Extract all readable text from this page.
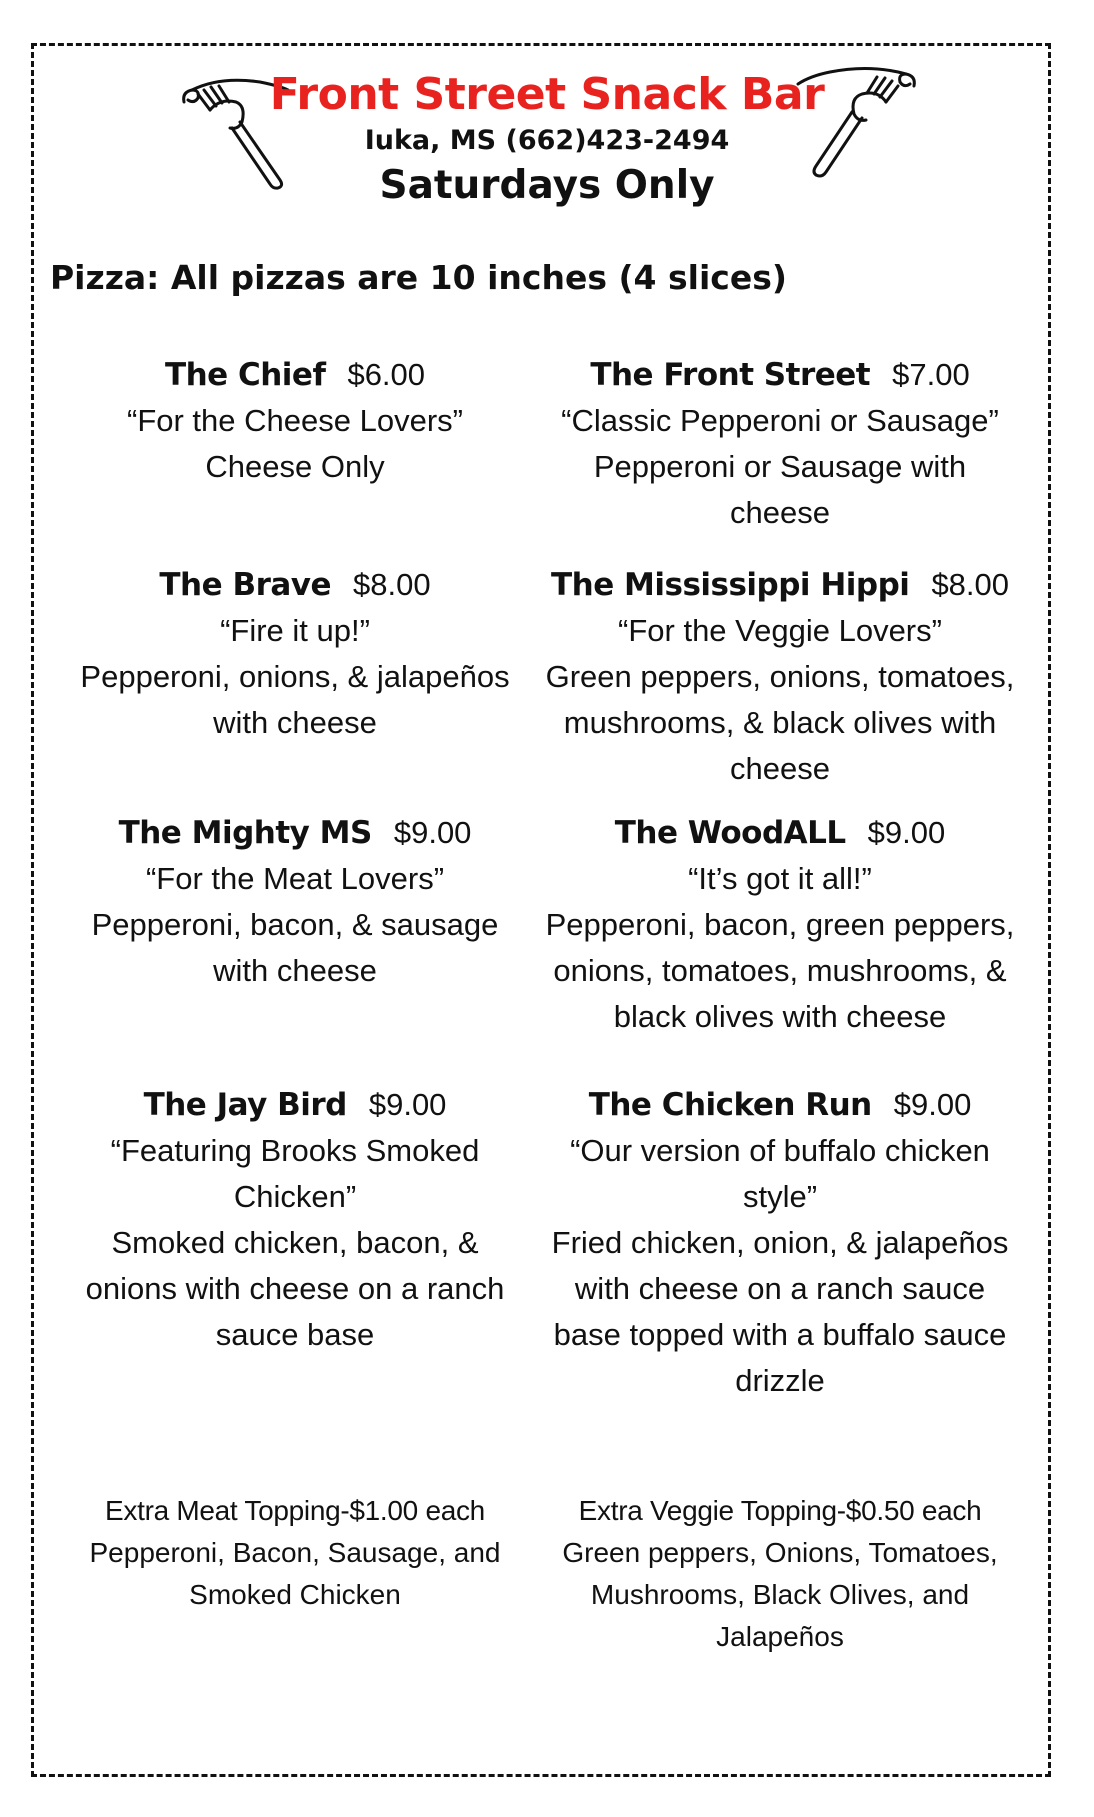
Front Street Snack Bar
Iuka, MS (662)423-2494
Saturdays Only
Pizza: All pizzas are 10 inches (4 slices)
The Chief $6.00
“For the Cheese Lovers”
Cheese Only
The Front Street $7.00
“Classic Pepperoni or Sausage”
Pepperoni or Sausage with cheese
The Brave $8.00
“Fire it up!”
Pepperoni, onions, & jalapeños with cheese
The Mississippi Hippi $8.00
“For the Veggie Lovers”
Green peppers, onions, tomatoes, mushrooms, & black olives with cheese
The Mighty MS $9.00
“For the Meat Lovers”
Pepperoni, bacon, & sausage with cheese
The WoodALL $9.00
“It’s got it all!”
Pepperoni, bacon, green peppers, onions, tomatoes, mushrooms, & black olives with cheese
The Jay Bird $9.00
“Featuring Brooks Smoked Chicken”
Smoked chicken, bacon, & onions with cheese on a ranch sauce base
The Chicken Run $9.00
“Our version of buffalo chicken style”
Fried chicken, onion, & jalapeños with cheese on a ranch sauce base topped with a buffalo sauce drizzle
Extra Meat Topping-$1.00 each
Pepperoni, Bacon, Sausage, and Smoked Chicken
Extra Veggie Topping-$0.50 each
Green peppers, Onions, Tomatoes, Mushrooms, Black Olives, and Jalapeños
